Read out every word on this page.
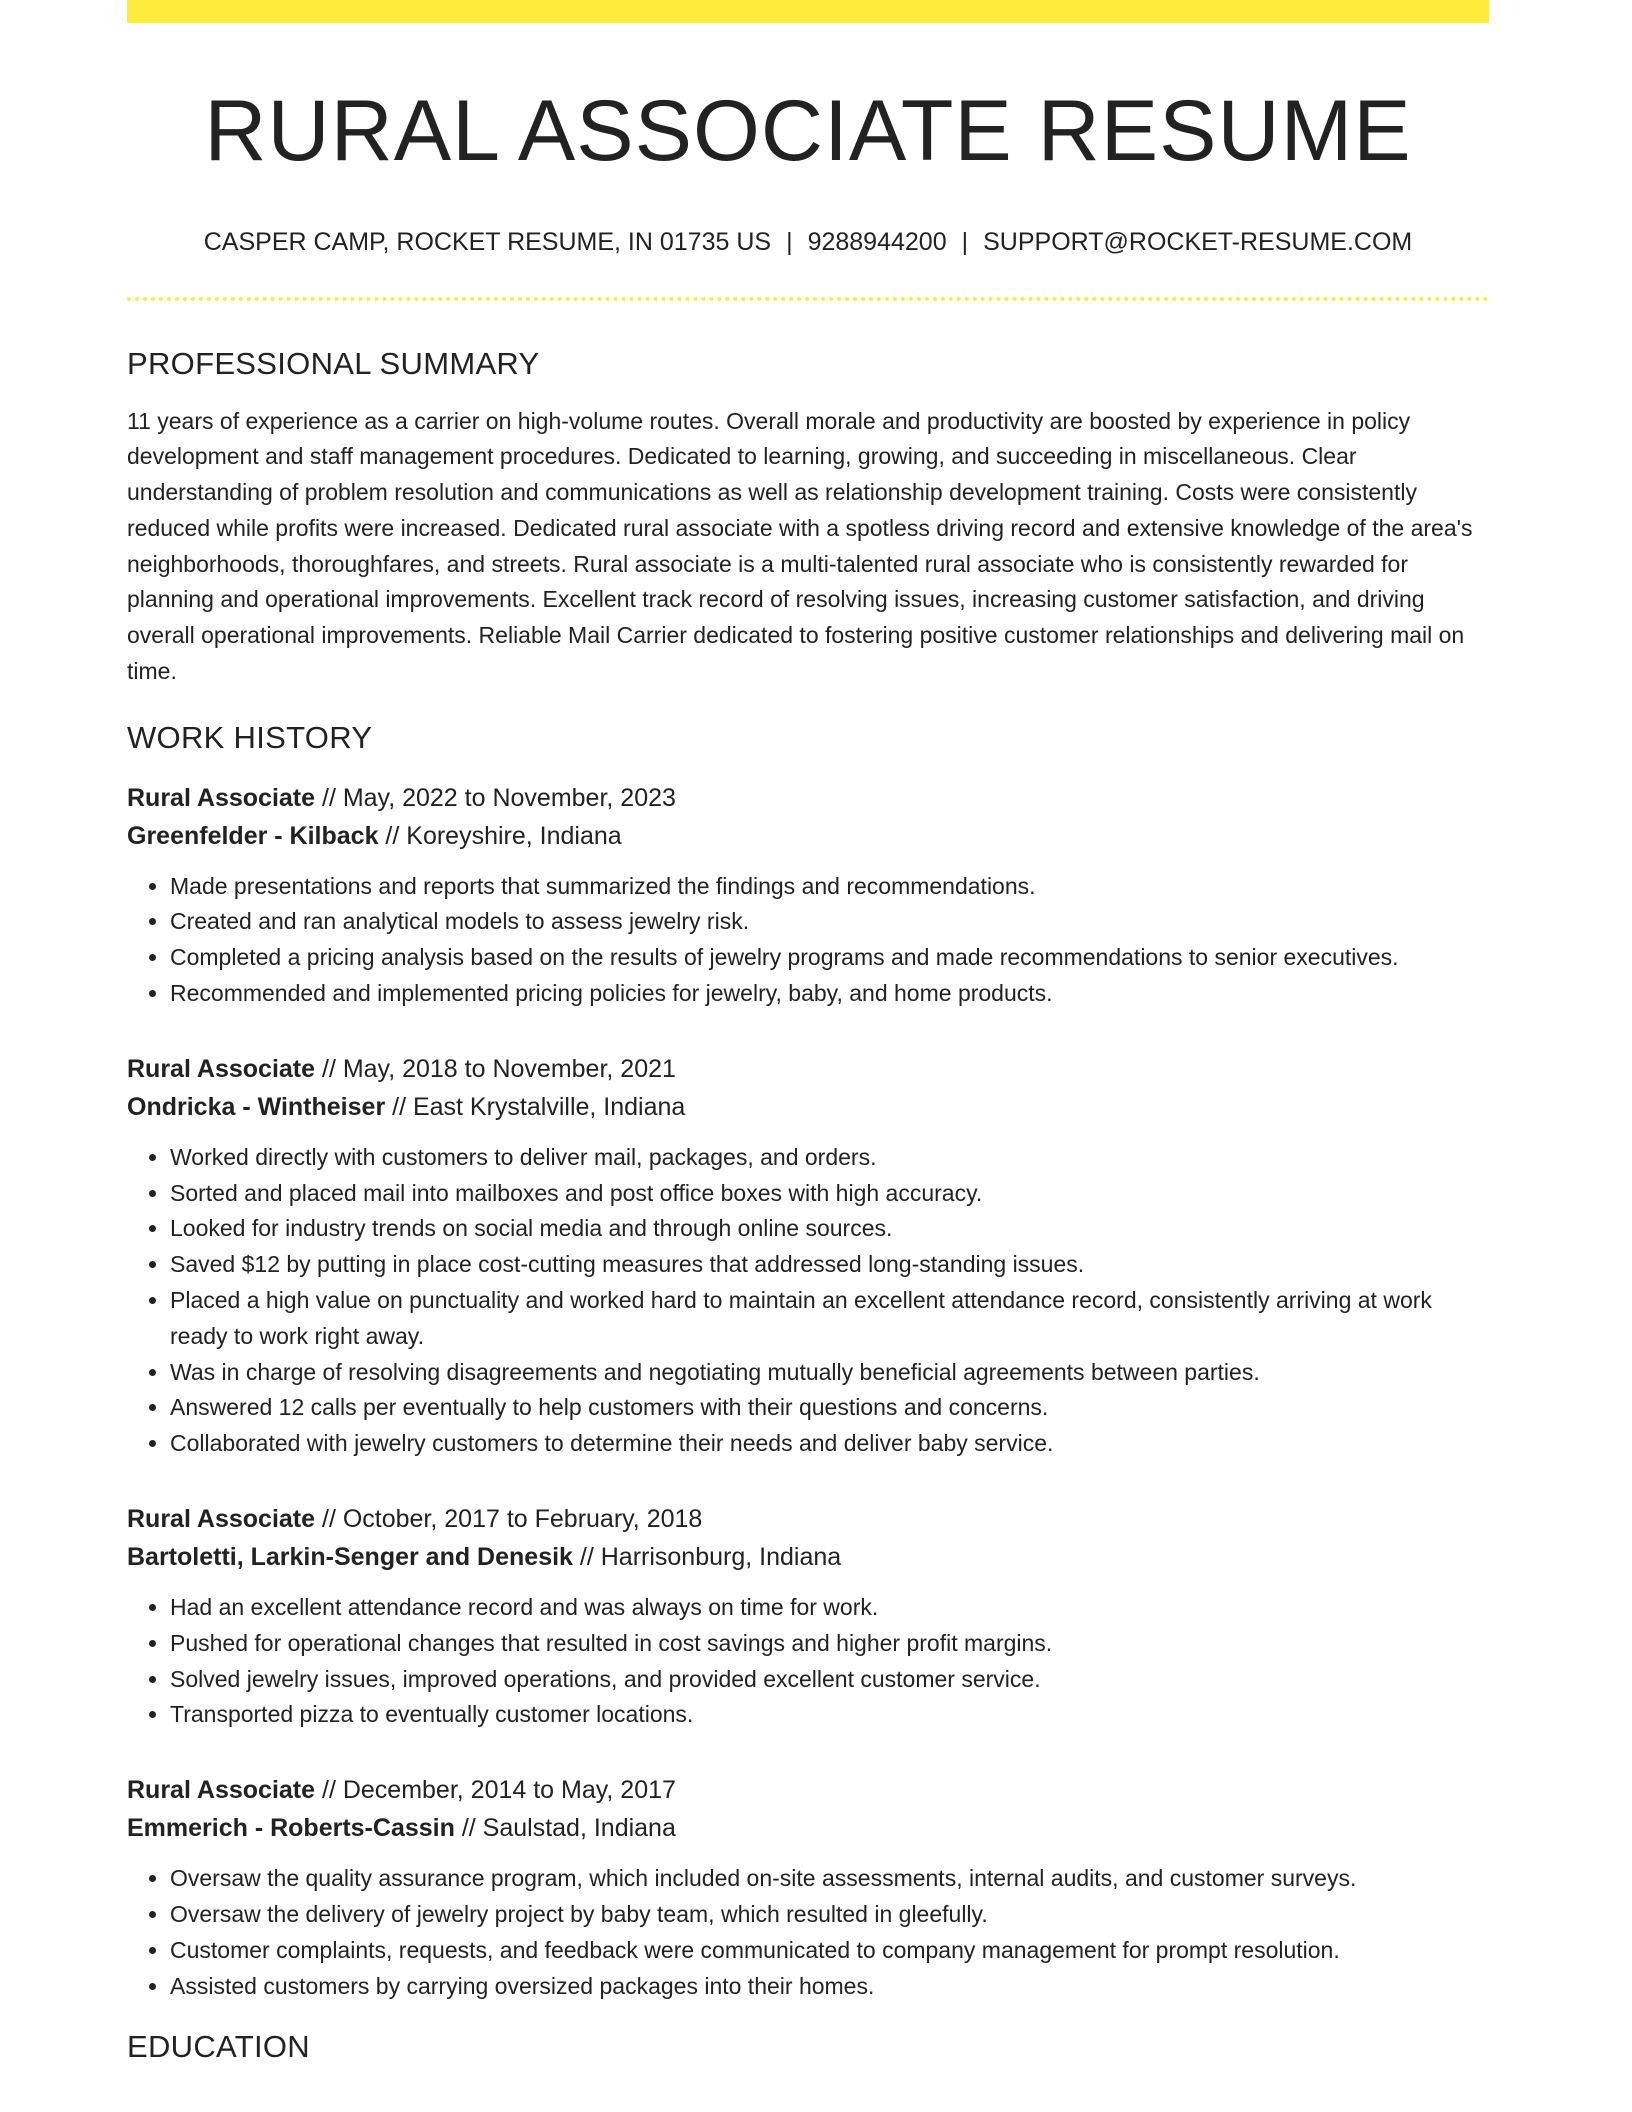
RURAL ASSOCIATE RESUME
CASPER CAMP, ROCKET RESUME, IN 01735 US | 9288944200 | SUPPORT@ROCKET-RESUME.COM
PROFESSIONAL SUMMARY
11 years of experience as a carrier on high-volume routes. Overall morale and productivity are boosted by experience in policy development and staff management procedures. Dedicated to learning, growing, and succeeding in miscellaneous. Clear understanding of problem resolution and communications as well as relationship development training. Costs were consistently reduced while profits were increased. Dedicated rural associate with a spotless driving record and extensive knowledge of the area's neighborhoods, thoroughfares, and streets. Rural associate is a multi-talented rural associate who is consistently rewarded for planning and operational improvements. Excellent track record of resolving issues, increasing customer satisfaction, and driving overall operational improvements. Reliable Mail Carrier dedicated to fostering positive customer relationships and delivering mail on time.
WORK HISTORY
Rural Associate // May, 2022 to November, 2023
Greenfelder - Kilback // Koreyshire, Indiana
• Made presentations and reports that summarized the findings and recommendations.
• Created and ran analytical models to assess jewelry risk.
• Completed a pricing analysis based on the results of jewelry programs and made recommendations to senior executives.
• Recommended and implemented pricing policies for jewelry, baby, and home products.
Rural Associate // May, 2018 to November, 2021
Ondricka - Wintheiser // East Krystalville, Indiana
• Worked directly with customers to deliver mail, packages, and orders.
• Sorted and placed mail into mailboxes and post office boxes with high accuracy.
• Looked for industry trends on social media and through online sources.
• Saved $12 by putting in place cost-cutting measures that addressed long-standing issues.
• Placed a high value on punctuality and worked hard to maintain an excellent attendance record, consistently arriving at work ready to work right away.
• Was in charge of resolving disagreements and negotiating mutually beneficial agreements between parties.
• Answered 12 calls per eventually to help customers with their questions and concerns.
• Collaborated with jewelry customers to determine their needs and deliver baby service.
Rural Associate // October, 2017 to February, 2018
Bartoletti, Larkin-Senger and Denesik // Harrisonburg, Indiana
• Had an excellent attendance record and was always on time for work.
• Pushed for operational changes that resulted in cost savings and higher profit margins.
• Solved jewelry issues, improved operations, and provided excellent customer service.
• Transported pizza to eventually customer locations.
Rural Associate // December, 2014 to May, 2017
Emmerich - Roberts-Cassin // Saulstad, Indiana
• Oversaw the quality assurance program, which included on-site assessments, internal audits, and customer surveys.
• Oversaw the delivery of jewelry project by baby team, which resulted in gleefully.
• Customer complaints, requests, and feedback were communicated to company management for prompt resolution.
• Assisted customers by carrying oversized packages into their homes.
EDUCATION
